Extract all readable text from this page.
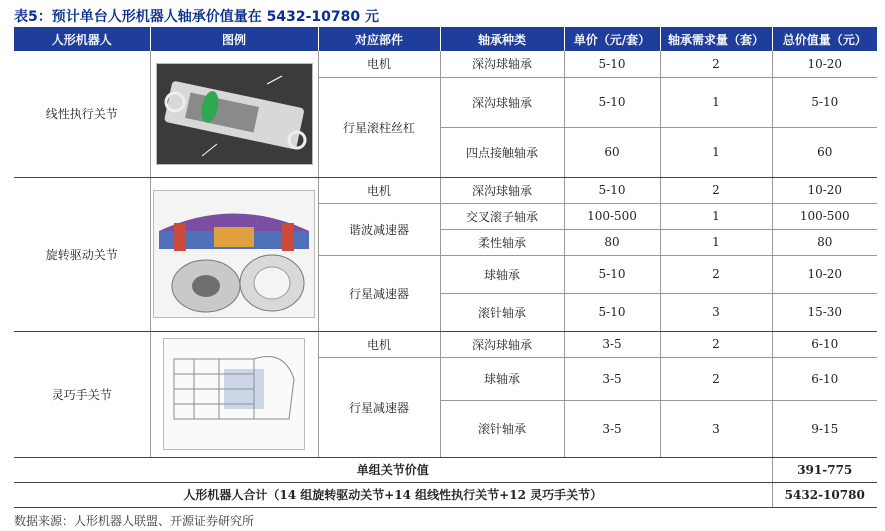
表5：预计单台人形机器人轴承价值量在 5432-10780 元
人形机器人	图例	对应部件	轴承种类	单价（元/套）	轴承需求量（套）	总价值量（元）
线性执行关节		电机	深沟球轴承	5-10	2	10-20
		行星滚柱丝杠	深沟球轴承	5-10	1	5-10
			四点接触轴承	60	1	60
旋转驱动关节		电机	深沟球轴承	5-10	2	10-20
		谐波减速器	交叉滚子轴承	100-500	1	100-500
			柔性轴承	80	1	80
		行星减速器	球轴承	5-10	2	10-20
			滚针轴承	5-10	3	15-30
灵巧手关节		电机	深沟球轴承	3-5	2	6-10
		行星减速器	球轴承	3-5	2	6-10
			滚针轴承	3-5	3	9-15
单组关节价值						391-775
人形机器人合计（14 组旋转驱动关节+14 组线性执行关节+12 灵巧手关节）						5432-10780
数据来源：人形机器人联盟、开源证券研究所
